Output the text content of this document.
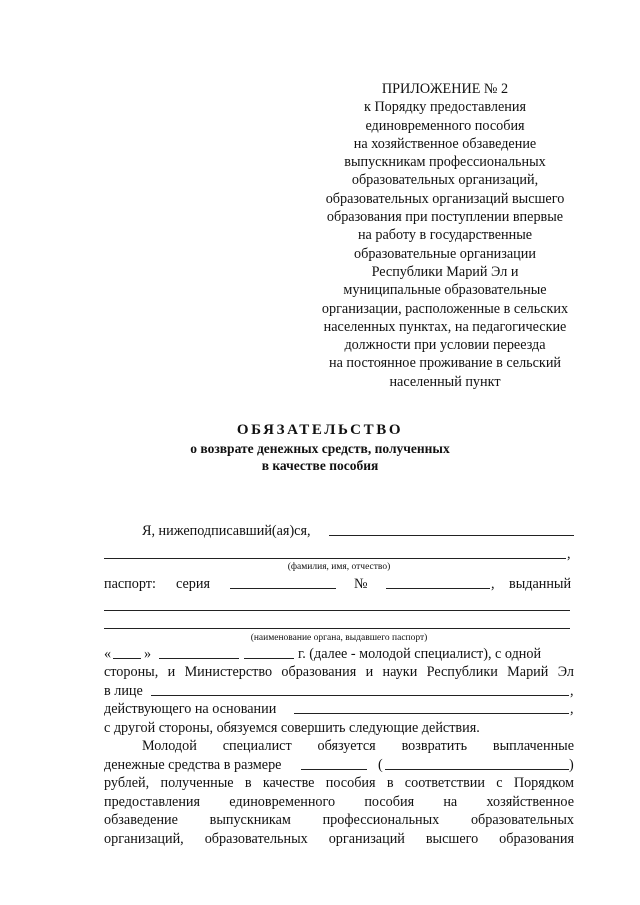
ПРИЛОЖЕНИЕ № 2
к Порядку предоставления
единовременного пособия
на хозяйственное обзаведение
выпускникам профессиональных
образовательных организаций,
образовательных организаций высшего
образования при поступлении впервые
на работу в государственные
образовательные организации
Республики Марий Эл и
муниципальные образовательные
организации, расположенные в сельских
населенных пунктах, на педагогические
должности при условии переезда
на постоянное проживание в сельский
населенный пункт
ОБЯЗАТЕЛЬСТВО
о возврате денежных средств, полученных
в качестве пособия
Я, нижеподписавший(ая)ся,
,
(фамилия, имя, отчество)
паспорт: серия	№	, выданный
(наименование органа, выдавшего паспорт)
« »	г. (далее - молодой специалист), с одной
стороны, и Министерство образования и науки Республики Марий Эл
в лице	,
действующего на основании	,
с другой стороны, обязуемся совершить следующие действия.
Молодой специалист обязуется возвратить выплаченные
денежные средства в размере	(	)
рублей, полученные в качестве пособия в соответствии с Порядком
предоставления единовременного пособия на хозяйственное
обзаведение выпускникам профессиональных образовательных
организаций, образовательных организаций высшего образования
